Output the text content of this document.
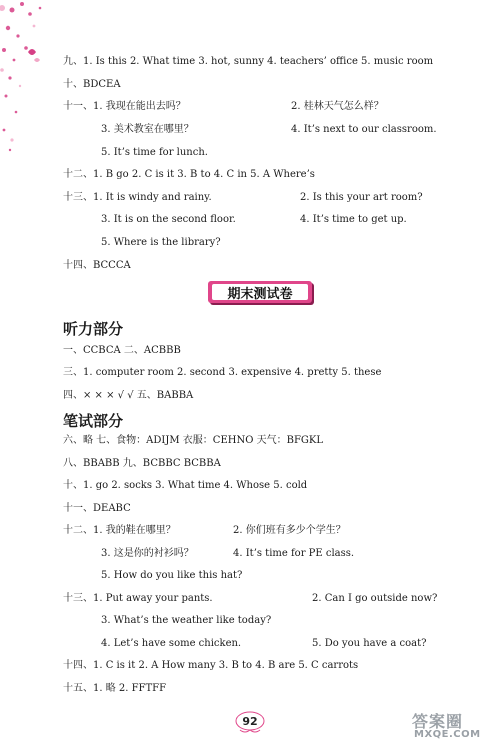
九、1. Is this 2. What time 3. hot, sunny 4. teachers’ office 5. music room
十、BDCEA
十一、1. 我现在能出去吗？	2. 桂林天气怎么样？
3. 美术教室在哪里？	4. It’s next to our classroom.
5. It’s time for lunch.
十二、1. B go 2. C is it 3. B to 4. C in 5. A Where’s
十三、1. It is windy and rainy.	2. Is this your art room?
3. It is on the second floor.	4. It’s time to get up.
5. Where is the library?
十四、BCCCA
期末测试卷
听力部分
一、CCBCA 二、ACBBB
三、1. computer room 2. second 3. expensive 4. pretty 5. these
四、× × × √ √ 五、BABBA
笔试部分
六、略 七、食物：ADIJM 衣服：CEHNO 天气：BFGKL
八、BBABB 九、BCBBC BCBBA
十、1. go 2. socks 3. What time 4. Whose 5. cold
十一、DEABC
十二、1. 我的鞋在哪里？	2. 你们班有多少个学生？
3. 这是你的衬衫吗？	4. It’s time for PE class.
5. How do you like this hat?
十三、1. Put away your pants.	2. Can I go outside now?
3. What’s the weather like today?
4. Let’s have some chicken.	5. Do you have a coat?
十四、1. C is it 2. A How many 3. B to 4. B are 5. C carrots
十五、1. 略 2. FFTFF
92	答案圈
MXQE.COM
